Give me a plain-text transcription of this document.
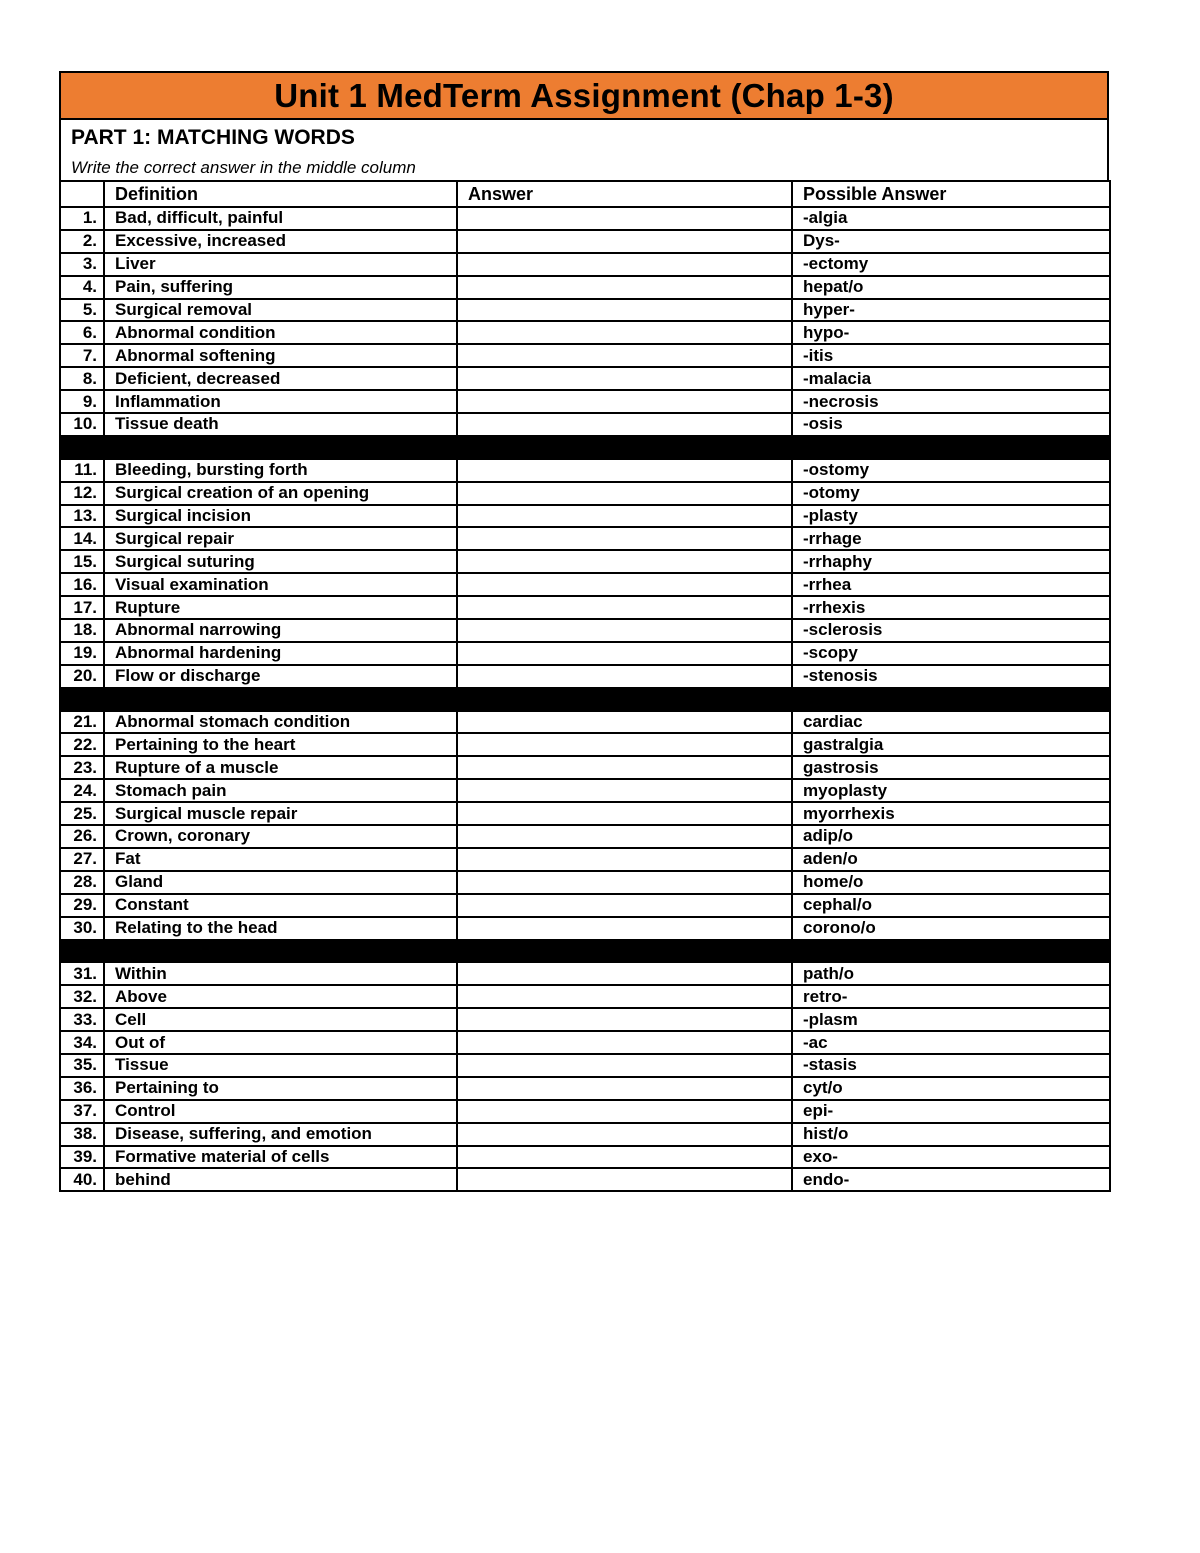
Unit 1 MedTerm Assignment (Chap 1-3)
PART 1: MATCHING WORDS
Write the correct answer in the middle column
	Definition	Answer	Possible Answer
1.	Bad, difficult, painful		-algia
2.	Excessive, increased		Dys-
3.	Liver		-ectomy
4.	Pain, suffering		hepat/o
5.	Surgical removal		hyper-
6.	Abnormal condition		hypo-
7.	Abnormal softening		-itis
8.	Deficient, decreased		-malacia
9.	Inflammation		-necrosis
10.	Tissue death		-osis

11.	Bleeding, bursting forth		-ostomy
12.	Surgical creation of an opening		-otomy
13.	Surgical incision		-plasty
14.	Surgical repair		-rrhage
15.	Surgical suturing		-rrhaphy
16.	Visual examination		-rrhea
17.	Rupture		-rrhexis
18.	Abnormal narrowing		-sclerosis
19.	Abnormal hardening		-scopy
20.	Flow or discharge		-stenosis

21.	Abnormal stomach condition		cardiac
22.	Pertaining to the heart		gastralgia
23.	Rupture of a muscle		gastrosis
24.	Stomach pain		myoplasty
25.	Surgical muscle repair		myorrhexis
26.	Crown, coronary		adip/o
27.	Fat		aden/o
28.	Gland		home/o
29.	Constant		cephal/o
30.	Relating to the head		corono/o

31.	Within		path/o
32.	Above		retro-
33.	Cell		-plasm
34.	Out of		-ac
35.	Tissue		-stasis
36.	Pertaining to		cyt/o
37.	Control		epi-
38.	Disease, suffering, and emotion		hist/o
39.	Formative material of cells		exo-
40.	behind		endo-
